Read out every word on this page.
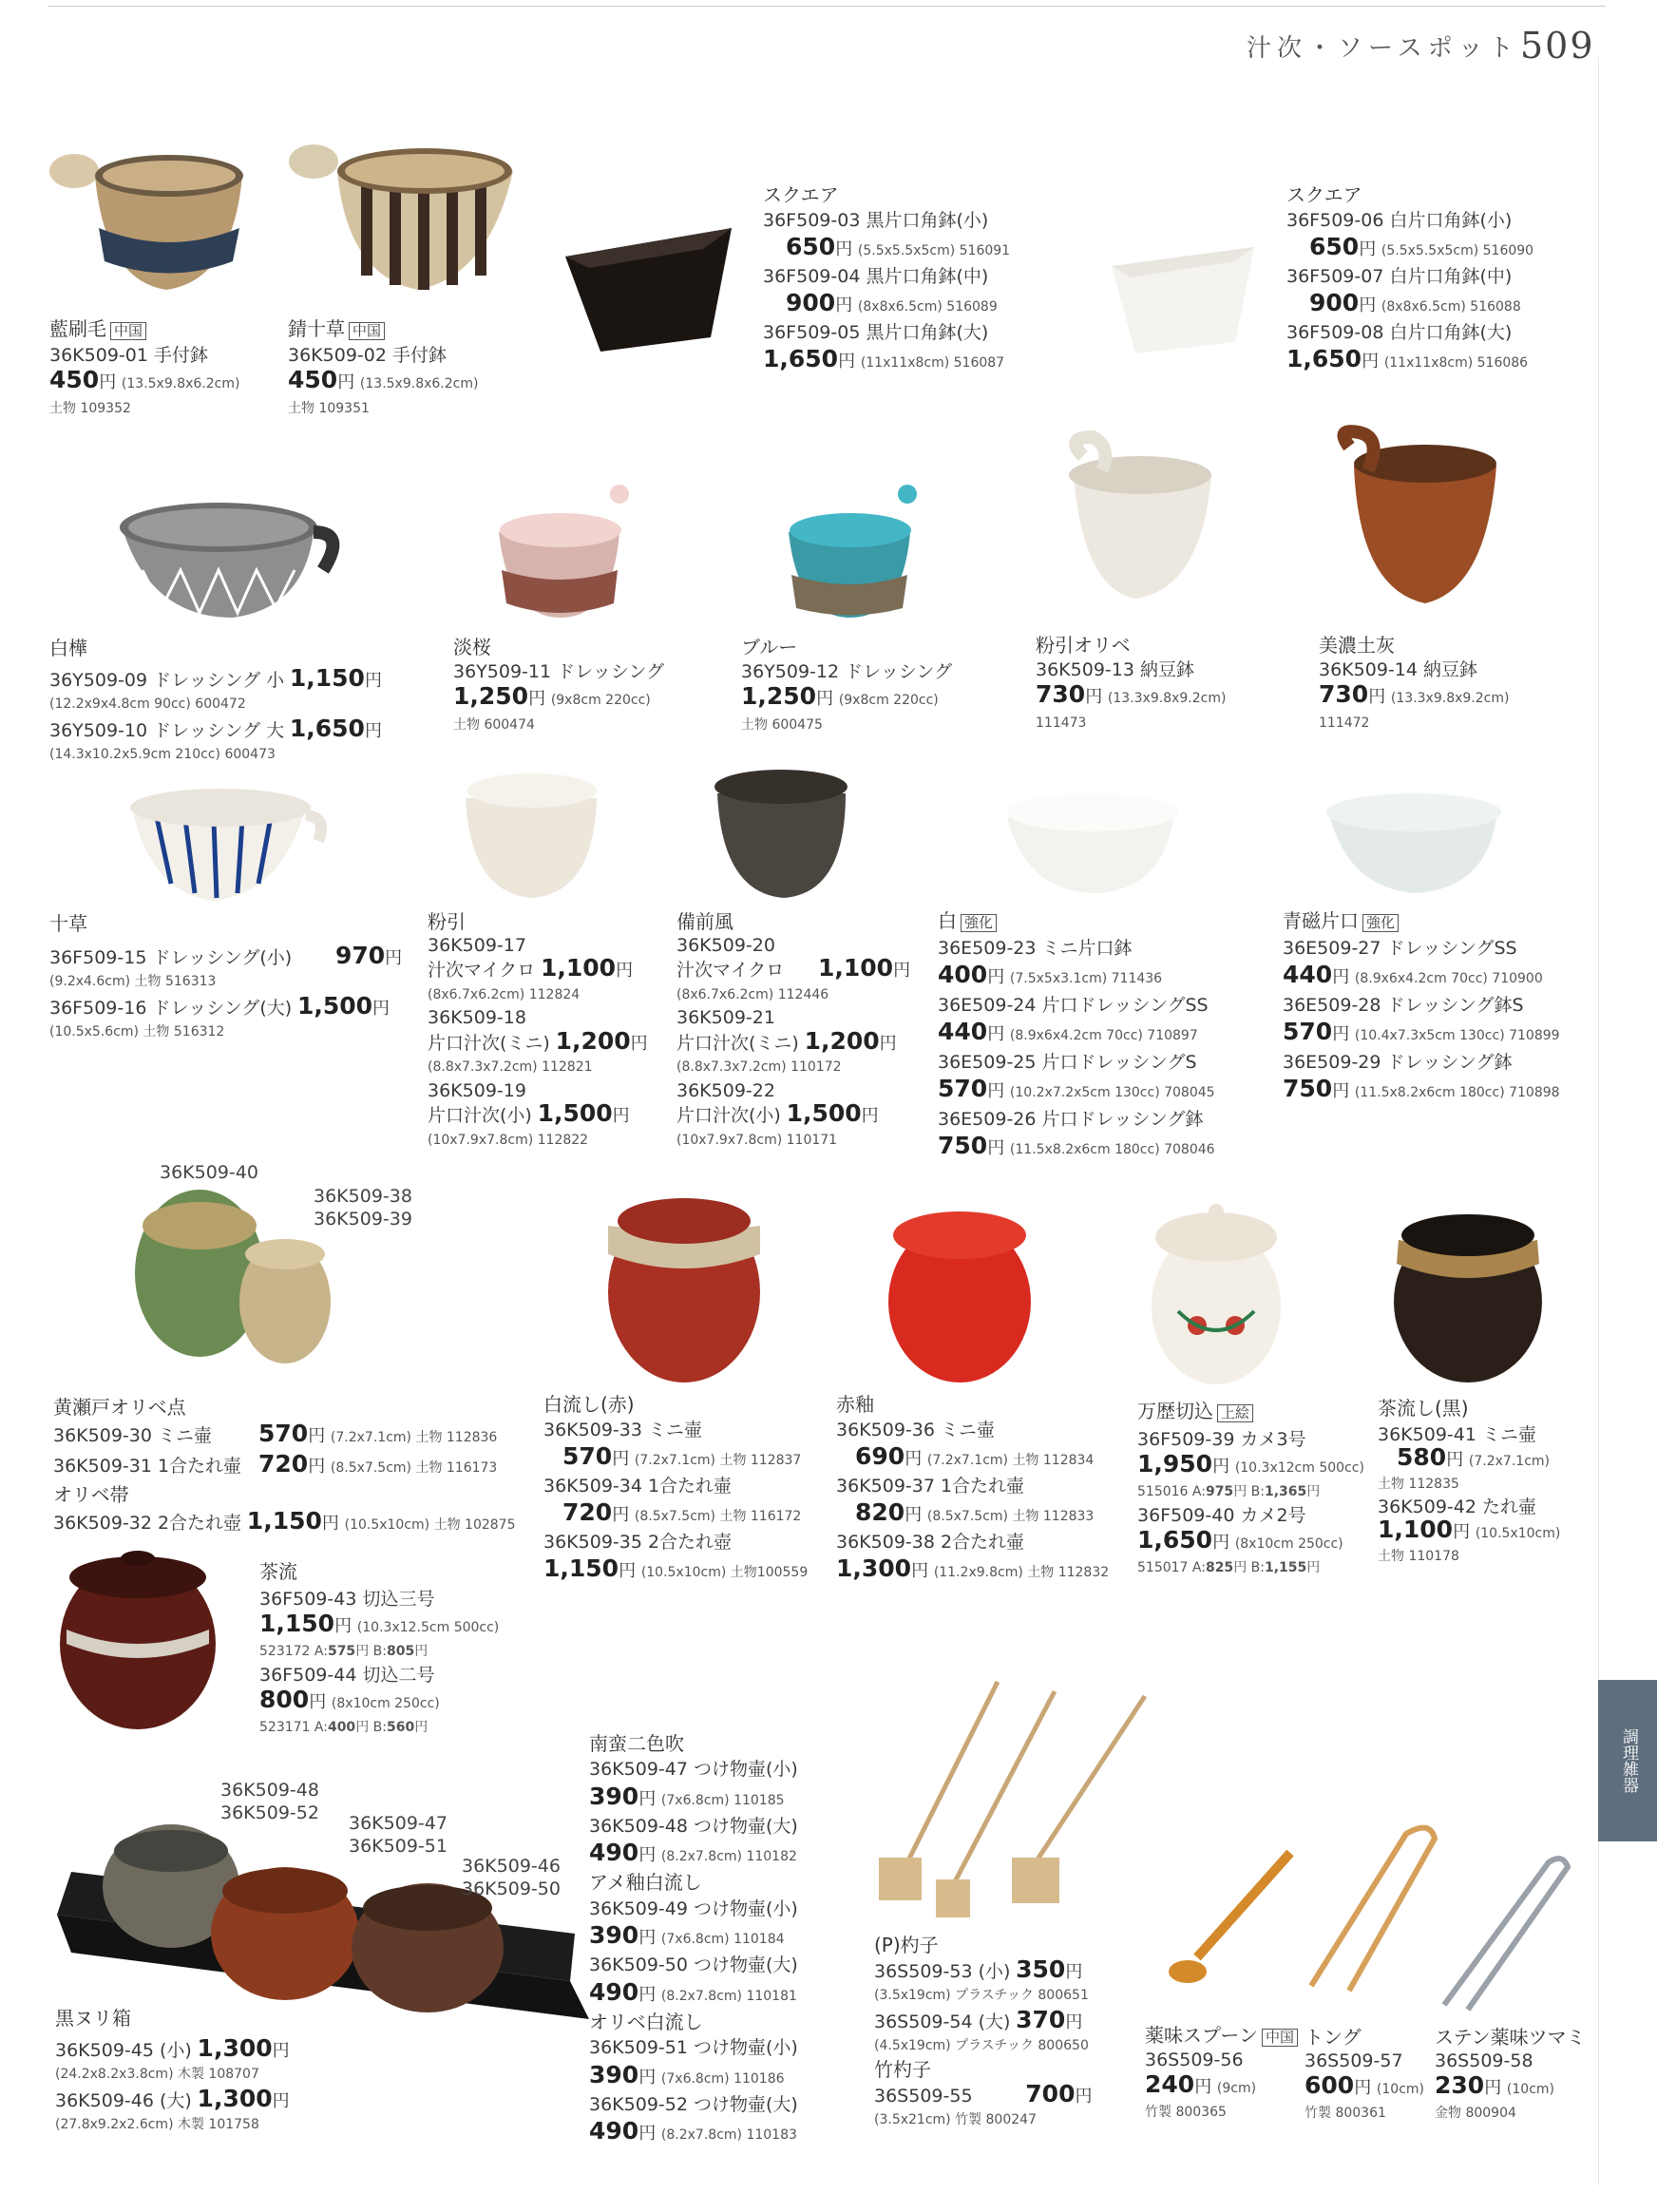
汁次・ソースポット 509
調理雑器
36K509-40
36K509-38
36K509-39
36K509-48
36K509-52 36K509-47
36K509-51
36K509-46
36K509-50
藍刷毛 中国
36K509-01 手付鉢
450円 (13.5x9.8x6.2cm)
土物 109352
錆十草 中国
36K509-02 手付鉢
450円 (13.5x9.8x6.2cm)
土物 109351
スクエア
36F509-03 黒片口角鉢(小)
650円 (5.5x5.5x5cm) 516091
36F509-04 黒片口角鉢(中)
900円 (8x8x6.5cm) 516089
36F509-05 黒片口角鉢(大)
1,650円 (11x11x8cm) 516087
スクエア
36F509-06 白片口角鉢(小)
650円 (5.5x5.5x5cm) 516090
36F509-07 白片口角鉢(中)
900円 (8x8x6.5cm) 516088
36F509-08 白片口角鉢(大)
1,650円 (11x11x8cm) 516086
白樺
36Y509-09 ドレッシング 小 1,150円
(12.2x9x4.8cm 90cc) 600472
36Y509-10 ドレッシング 大 1,650円
(14.3x10.2x5.9cm 210cc) 600473
淡桜
36Y509-11 ドレッシング
1,250円 (9x8cm 220cc)
土物 600474
ブルー
36Y509-12 ドレッシング
1,250円 (9x8cm 220cc)
土物 600475
粉引オリベ
36K509-13 納豆鉢
730円 (13.3x9.8x9.2cm)
111473
美濃土灰
36K509-14 納豆鉢
730円 (13.3x9.8x9.2cm)
111472
十草
36F509-15 ドレッシング(小) 970円
(9.2x4.6cm) 土物 516313
36F509-16 ドレッシング(大) 1,500円
(10.5x5.6cm) 土物 516312
粉引
36K509-17
汁次マイクロ 1,100円
(8x6.7x6.2cm) 112824
36K509-18
片口汁次(ミニ) 1,200円
(8.8x7.3x7.2cm) 112821
36K509-19
片口汁次(小) 1,500円
(10x7.9x7.8cm) 112822
備前風
36K509-20
汁次マイクロ 1,100円
(8x6.7x6.2cm) 112446
36K509-21
片口汁次(ミニ) 1,200円
(8.8x7.3x7.2cm) 110172
36K509-22
片口汁次(小) 1,500円
(10x7.9x7.8cm) 110171
白 強化
36E509-23 ミニ片口鉢
400円 (7.5x5x3.1cm) 711436
36E509-24 片口ドレッシングSS
440円 (8.9x6x4.2cm 70cc) 710897
36E509-25 片口ドレッシングS
570円 (10.2x7.2x5cm 130cc) 708045
36E509-26 片口ドレッシング鉢
750円 (11.5x8.2x6cm 180cc) 708046
青磁片口 強化
36E509-27 ドレッシングSS
440円 (8.9x6x4.2cm 70cc) 710900
36E509-28 ドレッシング鉢S
570円 (10.4x7.3x5cm 130cc) 710899
36E509-29 ドレッシング鉢
750円 (11.5x8.2x6cm 180cc) 710898
黄瀬戸オリベ点
36K509-30 ミニ壷 570円 (7.2x7.1cm) 土物 112836
36K509-31 1合たれ壷 720円 (8.5x7.5cm) 土物 116173
オリベ帯
36K509-32 2合たれ壺 1,150円 (10.5x10cm) 土物 102875
白流し(赤)
36K509-33 ミニ壷
570円 (7.2x7.1cm) 土物 112837
36K509-34 1合たれ壷
720円 (8.5x7.5cm) 土物 116172
36K509-35 2合たれ壺
1,150円 (10.5x10cm) 土物100559
赤釉
36K509-36 ミニ壷
690円 (7.2x7.1cm) 土物 112834
36K509-37 1合たれ壷
820円 (8.5x7.5cm) 土物 112833
36K509-38 2合たれ壷
1,300円 (11.2x9.8cm) 土物 112832
万歴切込 上絵
36F509-39 カメ3号
1,950円 (10.3x12cm 500cc)
515016 A:975円 B:1,365円
36F509-40 カメ2号
1,650円 (8x10cm 250cc)
515017 A:825円 B:1,155円
茶流し(黒)
36K509-41 ミニ壷
580円 (7.2x7.1cm)
土物 112835
36K509-42 たれ壷
1,100円 (10.5x10cm)
土物 110178
茶流
36F509-43 切込三号
1,150円 (10.3x12.5cm 500cc)
523172 A:575円 B:805円
36F509-44 切込二号
800円 (8x10cm 250cc)
523171 A:400円 B:560円
黒ヌリ箱
36K509-45 (小) 1,300円
(24.2x8.2x3.8cm) 木製 108707
36K509-46 (大) 1,300円
(27.8x9.2x2.6cm) 木製 101758
南蛮二色吹
36K509-47 つけ物壷(小)
390円 (7x6.8cm) 110185
36K509-48 つけ物壷(大)
490円 (8.2x7.8cm) 110182
アメ釉白流し
36K509-49 つけ物壷(小)
390円 (7x6.8cm) 110184
36K509-50 つけ物壷(大)
490円 (8.2x7.8cm) 110181
オリベ白流し
36K509-51 つけ物壷(小)
390円 (7x6.8cm) 110186
36K509-52 つけ物壷(大)
490円 (8.2x7.8cm) 110183
(P)杓子
36S509-53 (小) 350円
(3.5x19cm) プラスチック 800651
36S509-54 (大) 370円
(4.5x19cm) プラスチック 800650
竹杓子
36S509-55 700円
(3.5x21cm) 竹製 800247
薬味スプーン 中国
36S509-56
240円 (9cm)
竹製 800365
トング
36S509-57
600円 (10cm)
竹製 800361
ステン薬味ツマミ
36S509-58
230円 (10cm)
金物 800904
